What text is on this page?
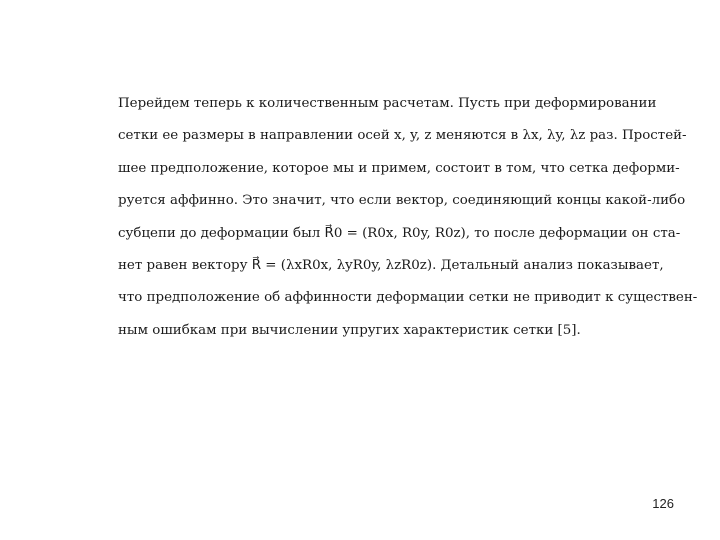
Перейдем теперь к количественным расчетам. Пусть при деформировании
сетки ее размеры в направлении осей x, y, z меняются в λx, λy, λz раз. Простей-
шее предположение, которое мы и примем, состоит в том, что сетка деформи-
руется аффинно. Это значит, что если вектор, соединяющий концы какой-либо
субцепи до деформации был R⃗0 = (R0x, R0y, R0z), то после деформации он ста-
нет равен вектору R⃗ = (λxR0x, λyR0y, λzR0z). Детальный анализ показывает,
что предположение об аффинности деформации сетки не приводит к существен-
ным ошибкам при вычислении упругих характеристик сетки [5].
126
